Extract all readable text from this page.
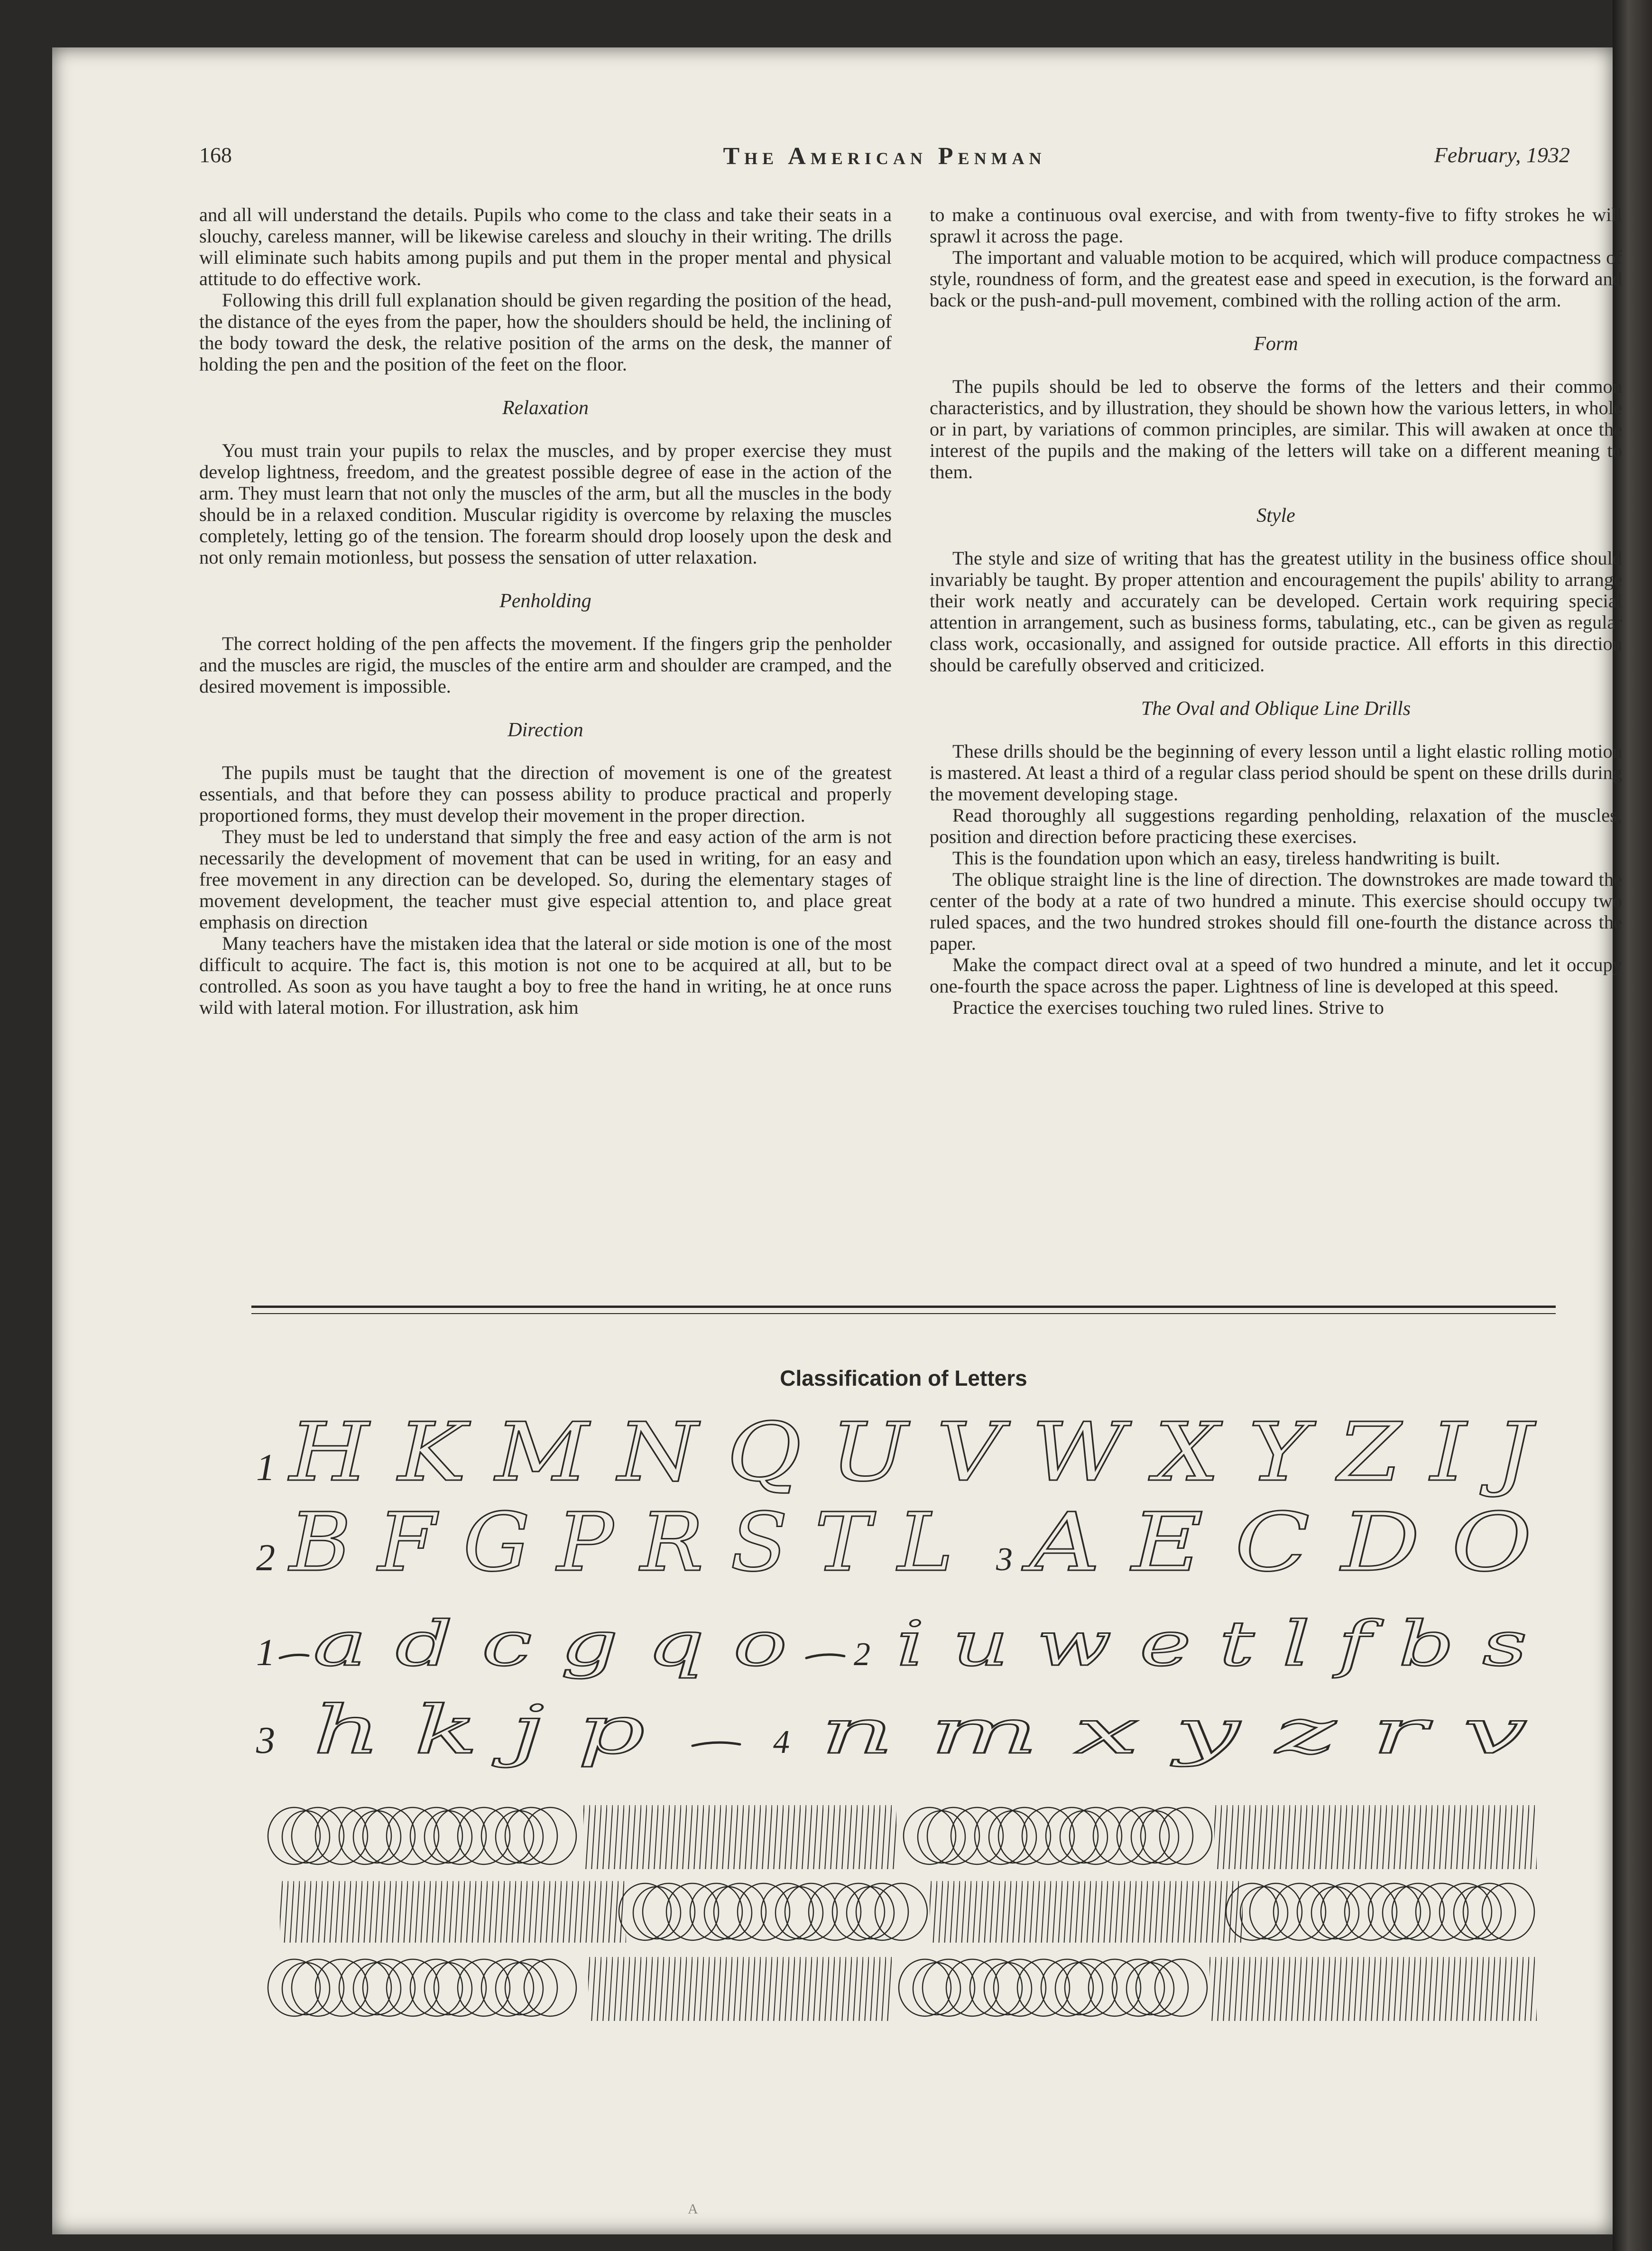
168	The American Penman	February, 1932

and all will understand the details. Pupils who come to the class and take their seats in a slouchy, careless manner, will be likewise careless and slouchy in their writing. The drills will eliminate such habits among pupils and put them in the proper mental and physical attitude to do effective work.

Following this drill full explanation should be given regarding the position of the head, the distance of the eyes from the paper, how the shoulders should be held, the inclining of the body toward the desk, the relative position of the arms on the desk, the manner of holding the pen and the position of the feet on the floor.

Relaxation

You must train your pupils to relax the muscles, and by proper exercise they must develop lightness, freedom, and the greatest possible degree of ease in the action of the arm. They must learn that not only the muscles of the arm, but all the muscles in the body should be in a relaxed condition. Muscular rigidity is overcome by relaxing the muscles completely, letting go of the tension. The forearm should drop loosely upon the desk and not only remain motionless, but possess the sensation of utter relaxation.

Penholding

The correct holding of the pen affects the movement. If the fingers grip the penholder and the muscles are rigid, the muscles of the entire arm and shoulder are cramped, and the desired movement is impossible.

Direction

The pupils must be taught that the direction of movement is one of the greatest essentials, and that before they can possess ability to produce practical and properly proportioned forms, they must develop their movement in the proper direction.

They must be led to understand that simply the free and easy action of the arm is not necessarily the development of movement that can be used in writing, for an easy and free movement in any direction can be developed. So, during the elementary stages of movement development, the teacher must give especial attention to, and place great emphasis on direction

Many teachers have the mistaken idea that the lateral or side motion is one of the most difficult to acquire. The fact is, this motion is not one to be acquired at all, but to be controlled. As soon as you have taught a boy to free the hand in writing, he at once runs wild with lateral motion. For illustration, ask him

to make a continuous oval exercise, and with from twenty-five to fifty strokes he will sprawl it across the page.

The important and valuable motion to be acquired, which will produce compactness of style, roundness of form, and the greatest ease and speed in execution, is the forward and back or the push-and-pull movement, combined with the rolling action of the arm.

Form

The pupils should be led to observe the forms of the letters and their common characteristics, and by illustration, they should be shown how the various letters, in whole or in part, by variations of common principles, are similar. This will awaken at once the interest of the pupils and the making of the letters will take on a different meaning to them.

Style

The style and size of writing that has the greatest utility in the business office should invariably be taught. By proper attention and encouragement the pupils' ability to arrange their work neatly and accurately can be developed. Certain work requiring special attention in arrangement, such as business forms, tabulating, etc., can be given as regular class work, occasionally, and assigned for outside practice. All efforts in this direction should be carefully observed and criticized.

The Oval and Oblique Line Drills

These drills should be the beginning of every lesson until a light elastic rolling motion is mastered. At least a third of a regular class period should be spent on these drills during the movement developing stage.

Read thoroughly all suggestions regarding penholding, relaxation of the muscles, position and direction before practicing these exercises.

This is the foundation upon which an easy, tireless handwriting is built.

The oblique straight line is the line of direction. The downstrokes are made toward the center of the body at a rate of two hundred a minute. This exercise should occupy two ruled spaces, and the two hundred strokes should fill one-fourth the distance across the paper.

Make the compact direct oval at a speed of two hundred a minute, and let it occupy one-fourth the space across the paper. Lightness of line is developed at this speed.

Practice the exercises touching two ruled lines. Strive to

Classification of Letters
1 H K M N Q U V W X Y Z I J
2 B F G P R S T L 3 A E C D O
1 a d c g q o 2 i u w e t l f b s
3 h k j p	4 n m x y z r v
A
